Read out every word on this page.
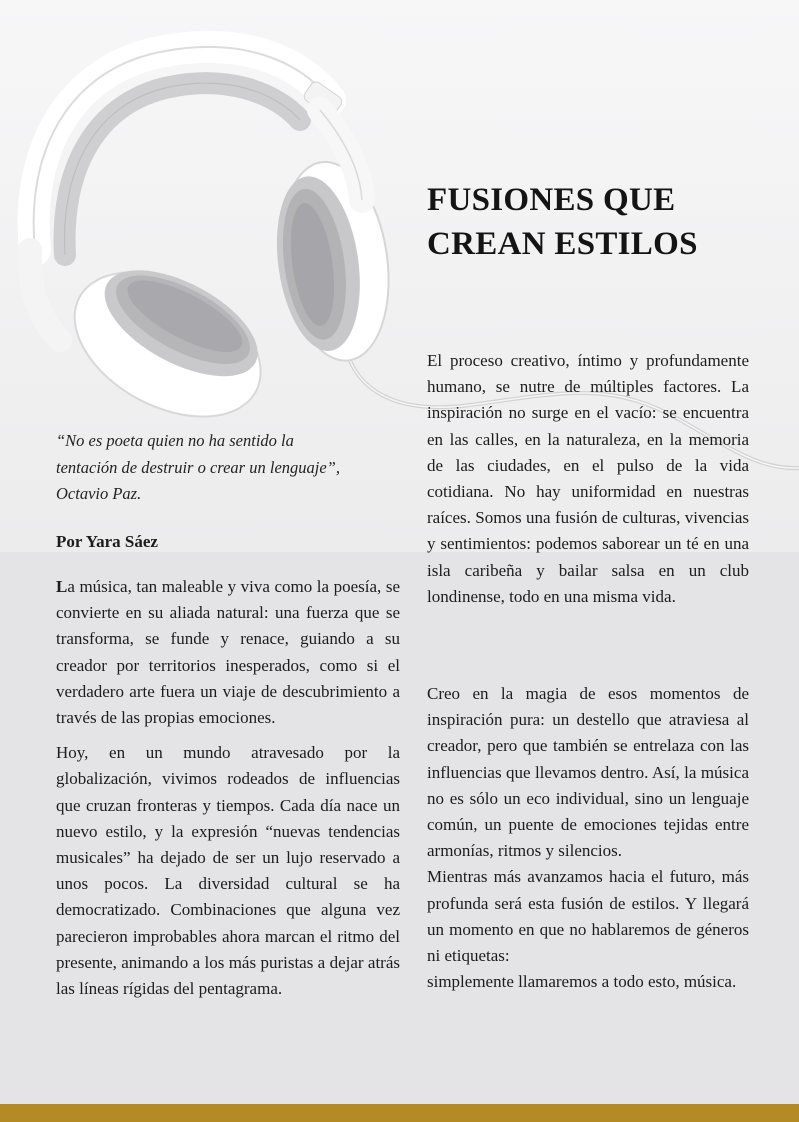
FUSIONES QUE
CREAN ESTILOS
“No es poeta quien no ha sentido la tentación de destruir o crear un lenguaje”, Octavio Paz.
Por Yara Sáez

La música, tan maleable y viva como la poesía, se convierte en su aliada natural: una fuerza que se transforma, se funde y renace, guiando a su creador por territorios inesperados, como si el verdadero arte fuera un viaje de descubrimiento a través de las propias emociones.

Hoy, en un mundo atravesado por la globalización, vivimos rodeados de influencias que cruzan fronteras y tiempos. Cada día nace un nuevo estilo, y la expresión “nuevas tendencias musicales” ha dejado de ser un lujo reservado a unos pocos. La diversidad cultural se ha democratizado. Combinaciones que alguna vez parecieron improbables ahora marcan el ritmo del presente, animando a los más puristas a dejar atrás las líneas rígidas del pentagrama.

El proceso creativo, íntimo y profundamente humano, se nutre de múltiples factores. La inspiración no surge en el vacío: se encuentra en las calles, en la naturaleza, en la memoria de las ciudades, en el pulso de la vida cotidiana. No hay uniformidad en nuestras raíces. Somos una fusión de culturas, vivencias y sentimientos: podemos saborear un té en una isla caribeña y bailar salsa en un club londinense, todo en una misma vida.

Creo en la magia de esos momentos de inspiración pura: un destello que atraviesa al creador, pero que también se entrelaza con las influencias que llevamos dentro. Así, la música no es sólo un eco individual, sino un lenguaje común, un puente de emociones tejidas entre armonías, ritmos y silencios.

Mientras más avanzamos hacia el futuro, más profunda será esta fusión de estilos. Y llegará un momento en que no hablaremos de géneros ni etiquetas:

simplemente llamaremos a todo esto, música.
